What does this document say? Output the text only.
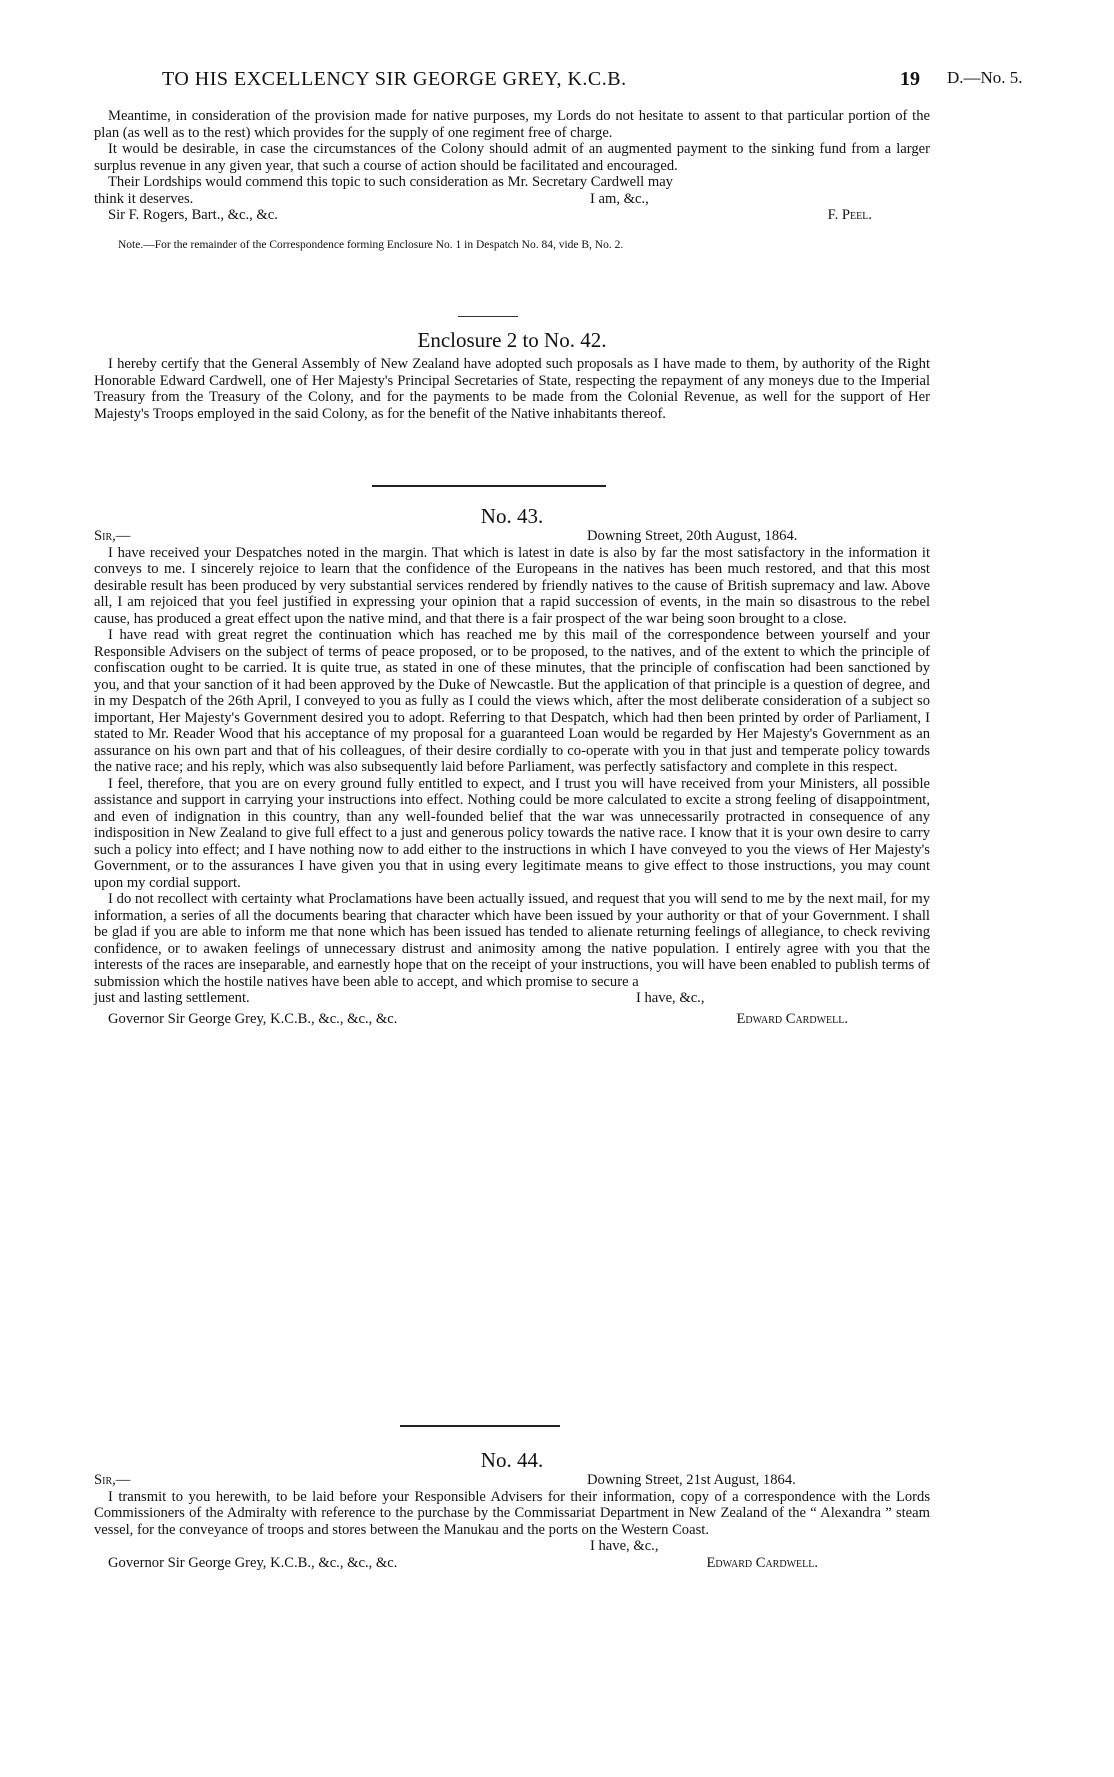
TO HIS EXCELLENCY SIR GEORGE GREY, K.C.B.	19 D.—No. 5.

Meantime, in consideration of the provision made for native purposes, my Lords do not hesitate to assent to that particular portion of the plan (as well as to the rest) which provides for the supply of one regiment free of charge.

It would be desirable, in case the circumstances of the Colony should admit of an augmented payment to the sinking fund from a larger surplus revenue in any given year, that such a course of action should be facilitated and encouraged.

Their Lordships would commend this topic to such consideration as Mr. Secretary Cardwell may
think it deserves.	I am, &c.,
Sir F. Rogers, Bart., &c., &c.	F. Peel.

Note.—For the remainder of the Correspondence forming Enclosure No. 1 in Despatch No. 84, vide B, No. 2.

Enclosure 2 to No. 42.

I hereby certify that the General Assembly of New Zealand have adopted such proposals as I have made to them, by authority of the Right Honorable Edward Cardwell, one of Her Majesty's Principal Secretaries of State, respecting the repayment of any moneys due to the Imperial Treasury from the Treasury of the Colony, and for the payments to be made from the Colonial Revenue, as well for the support of Her Majesty's Troops employed in the said Colony, as for the benefit of the Native inhabitants thereof.

No. 43.
Sir,—	Downing Street, 20th August, 1864.

I have received your Despatches noted in the margin. That which is latest in date is also by far the most satisfactory in the information it conveys to me. I sincerely rejoice to learn that the confidence of the Europeans in the natives has been much restored, and that this most desirable result has been produced by very substantial services rendered by friendly natives to the cause of British supremacy and law. Above all, I am rejoiced that you feel justified in expressing your opinion that a rapid succession of events, in the main so disastrous to the rebel cause, has produced a great effect upon the native mind, and that there is a fair prospect of the war being soon brought to a close.

I have read with great regret the continuation which has reached me by this mail of the correspondence between yourself and your Responsible Advisers on the subject of terms of peace proposed, or to be proposed, to the natives, and of the extent to which the principle of confiscation ought to be carried. It is quite true, as stated in one of these minutes, that the principle of confiscation had been sanctioned by you, and that your sanction of it had been approved by the Duke of Newcastle. But the application of that principle is a question of degree, and in my Despatch of the 26th April, I conveyed to you as fully as I could the views which, after the most deliberate consideration of a subject so important, Her Majesty's Government desired you to adopt. Referring to that Despatch, which had then been printed by order of Parliament, I stated to Mr. Reader Wood that his acceptance of my proposal for a guaranteed Loan would be regarded by Her Majesty's Government as an assurance on his own part and that of his colleagues, of their desire cordially to co-operate with you in that just and temperate policy towards the native race; and his reply, which was also subsequently laid before Parliament, was perfectly satisfactory and complete in this respect.

I feel, therefore, that you are on every ground fully entitled to expect, and I trust you will have received from your Ministers, all possible assistance and support in carrying your instructions into effect. Nothing could be more calculated to excite a strong feeling of disappointment, and even of indignation in this country, than any well-founded belief that the war was unnecessarily protracted in consequence of any indisposition in New Zealand to give full effect to a just and generous policy towards the native race. I know that it is your own desire to carry such a policy into effect; and I have nothing now to add either to the instructions in which I have conveyed to you the views of Her Majesty's Government, or to the assurances I have given you that in using every legitimate means to give effect to those instructions, you may count upon my cordial support.

I do not recollect with certainty what Proclamations have been actually issued, and request that you will send to me by the next mail, for my information, a series of all the documents bearing that character which have been issued by your authority or that of your Government. I shall be glad if you are able to inform me that none which has been issued has tended to alienate returning feelings of allegiance, to check reviving confidence, or to awaken feelings of unnecessary distrust and animosity among the native population. I entirely agree with you that the interests of the races are inseparable, and earnestly hope that on the receipt of your instructions, you will have been enabled to publish terms of submission which the hostile natives have been able to accept, and which promise to secure a

just and lasting settlement.	I have, &c.,
Governor Sir George Grey, K.C.B., &c., &c., &c.	Edward Cardwell.
No. 44.
Sir,—	Downing Street, 21st August, 1864.

I transmit to you herewith, to be laid before your Responsible Advisers for their information, copy of a correspondence with the Lords Commissioners of the Admiralty with reference to the purchase by the Commissariat Department in New Zealand of the “ Alexandra ” steam vessel, for the conveyance of troops and stores between the Manukau and the ports on the Western Coast.

I have, &c.,
Governor Sir George Grey, K.C.B., &c., &c., &c.	Edward Cardwell.
